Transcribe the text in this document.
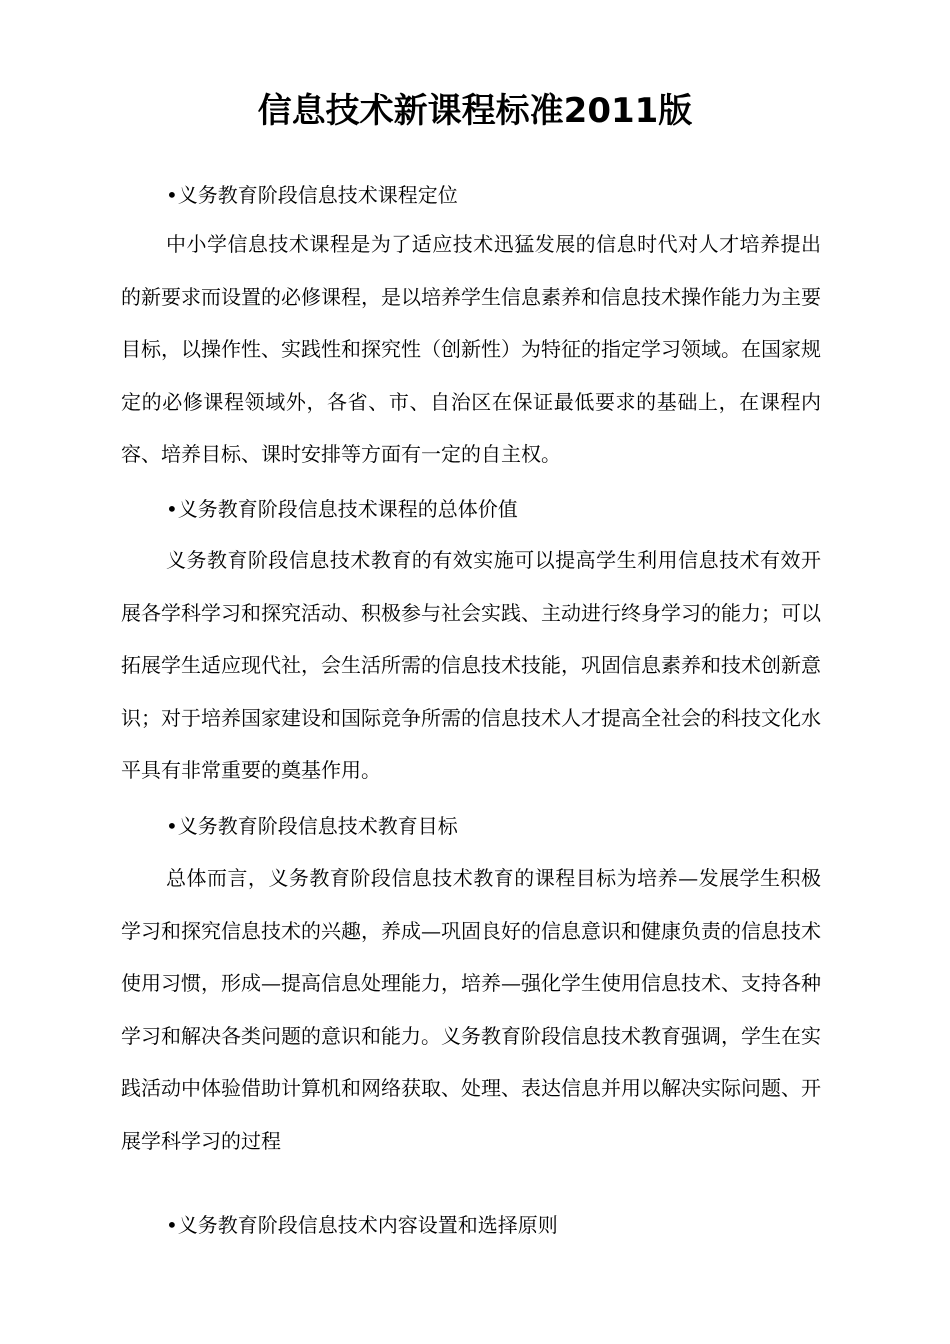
信息技术新课程标准2011版

•义务教育阶段信息技术课程定位

中小学信息技术课程是为了适应技术迅猛发展的信息时代对人才培养提出的新要求而设置的必修课程，是以培养学生信息素养和信息技术操作能力为主要目标，以操作性、实践性和探究性（创新性）为特征的指定学习领域。在国家规定的必修课程领域外，各省、市、自治区在保证最低要求的基础上，在课程内容、培养目标、课时安排等方面有一定的自主权。

•义务教育阶段信息技术课程的总体价值

义务教育阶段信息技术教育的有效实施可以提高学生利用信息技术有效开展各学科学习和探究活动、积极参与社会实践、主动进行终身学习的能力；可以拓展学生适应现代社，会生活所需的信息技术技能，巩固信息素养和技术创新意识；对于培养国家建设和国际竞争所需的信息技术人才提高全社会的科技文化水平具有非常重要的奠基作用。

•义务教育阶段信息技术教育目标

总体而言，义务教育阶段信息技术教育的课程目标为培养—发展学生积极学习和探究信息技术的兴趣，养成—巩固良好的信息意识和健康负责的信息技术使用习惯，形成—提高信息处理能力，培养—强化学生使用信息技术、支持各种学习和解决各类问题的意识和能力。义务教育阶段信息技术教育强调，学生在实践活动中体验借助计算机和网络获取、处理、表达信息并用以解决实际问题、开展学科学习的过程

•义务教育阶段信息技术内容设置和选择原则
